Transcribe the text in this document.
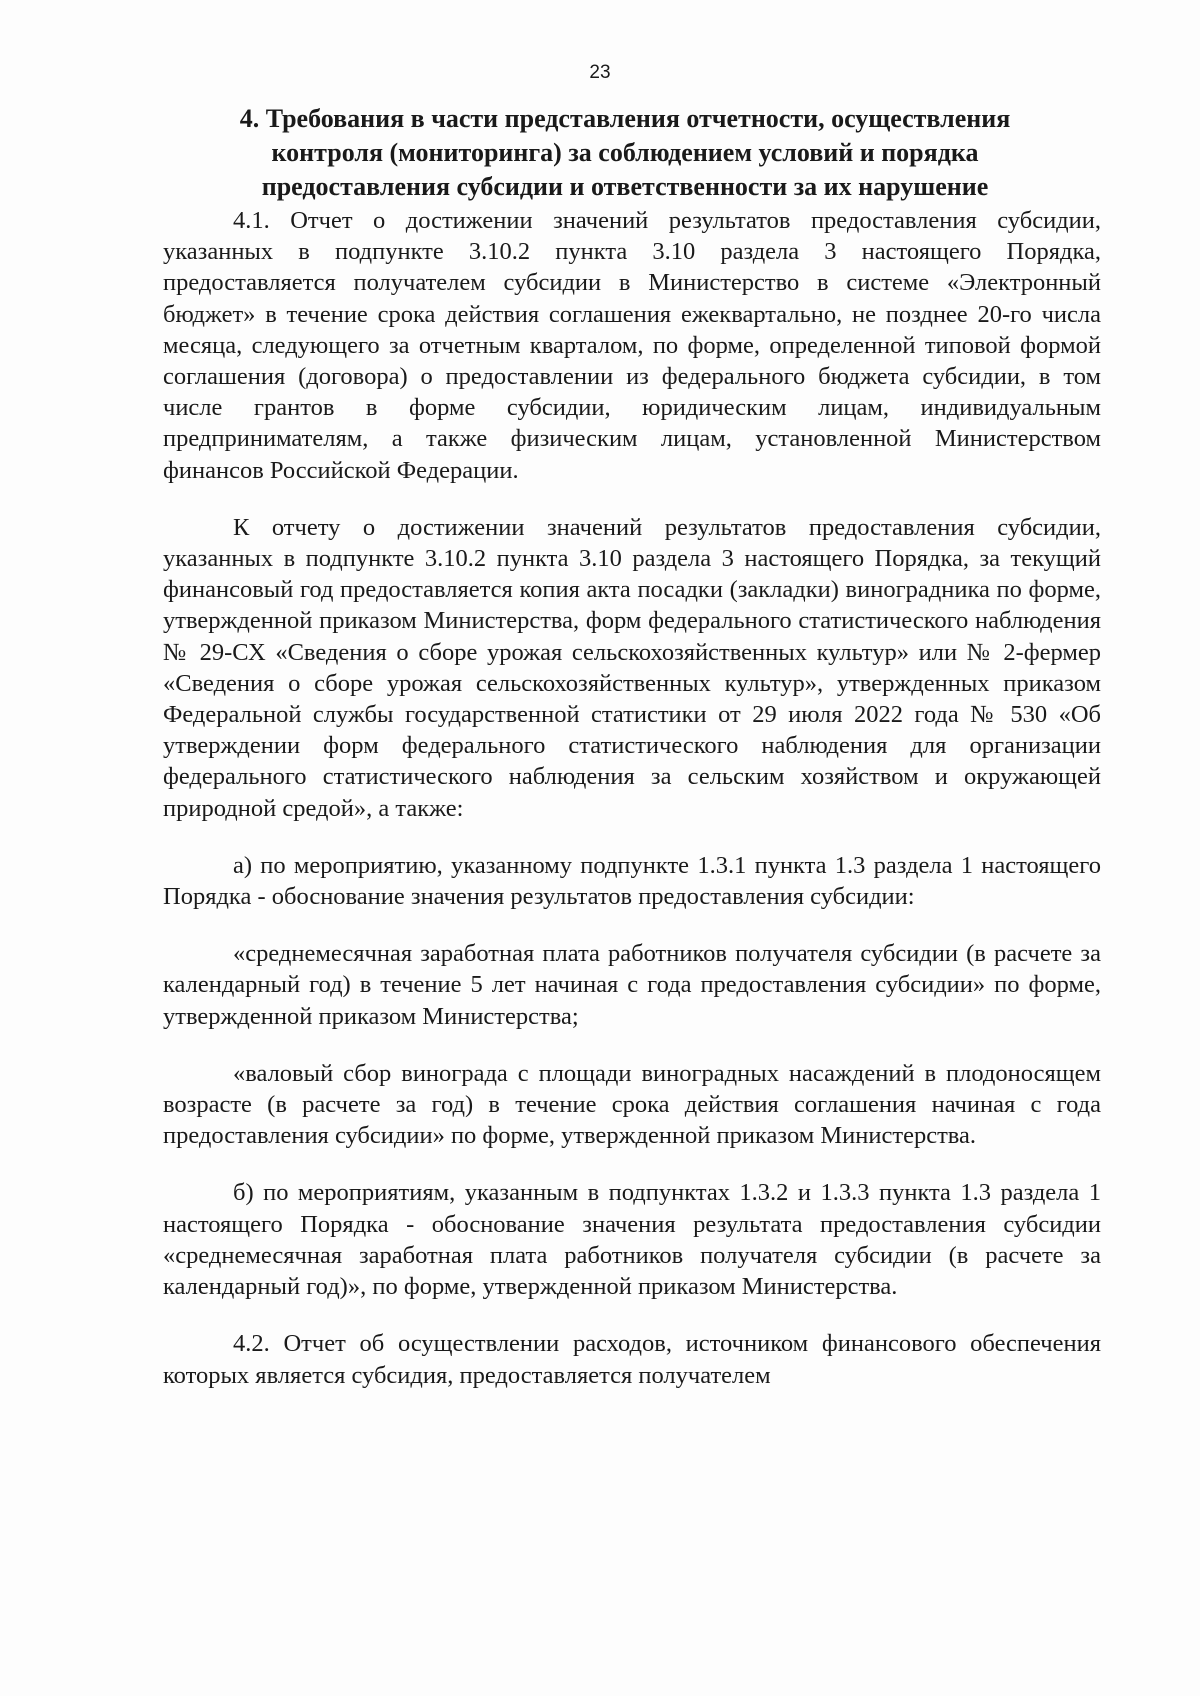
23
4. Требования в части представления отчетности, осуществления
контроля (мониторинга) за соблюдением условий и порядка
предоставления субсидии и ответственности за их нарушение

4.1. Отчет о достижении значений результатов предоставления субсидии, указанных в подпункте 3.10.2 пункта 3.10 раздела 3 настоящего Порядка, предоставляется получателем субсидии в Министерство в системе «Электронный бюджет» в течение срока действия соглашения ежеквартально, не позднее 20-го числа месяца, следующего за отчетным кварталом, по форме, определенной типовой формой соглашения (договора) о предоставлении из федерального бюджета субсидии, в том числе грантов в форме субсидии, юридическим лицам, индивидуальным предпринимателям, а также физическим лицам, установленной Министерством финансов Российской Федерации.

К отчету о достижении значений результатов предоставления субсидии, указанных в подпункте 3.10.2 пункта 3.10 раздела 3 настоящего Порядка, за текущий финансовый год предоставляется копия акта посадки (закладки) виноградника по форме, утвержденной приказом Министерства, форм федерального статистического наблюдения № 29-СХ «Сведения о сборе урожая сельскохозяйственных культур» или № 2-фермер «Сведения о сборе урожая сельскохозяйственных культур», утвержденных приказом Федеральной службы государственной статистики от 29 июля 2022 года № 530 «Об утверждении форм федерального статистического наблюдения для организации федерального статистического наблюдения за сельским хозяйством и окружающей природной средой», а также:

а) по мероприятию, указанному подпункте 1.3.1 пункта 1.3 раздела 1 настоящего Порядка - обоснование значения результатов предоставления субсидии:

«среднемесячная заработная плата работников получателя субсидии (в расчете за календарный год) в течение 5 лет начиная с года предоставления субсидии» по форме, утвержденной приказом Министерства;

«валовый сбор винограда с площади виноградных насаждений в плодоносящем возрасте (в расчете за год) в течение срока действия соглашения начиная с года предоставления субсидии» по форме, утвержденной приказом Министерства.

б) по мероприятиям, указанным в подпунктах 1.3.2 и 1.3.3 пункта 1.3 раздела 1 настоящего Порядка - обоснование значения результата предоставления субсидии «среднемесячная заработная плата работников получателя субсидии (в расчете за календарный год)», по форме, утвержденной приказом Министерства.

4.2. Отчет об осуществлении расходов, источником финансового обеспечения которых является субсидия, предоставляется получателем
